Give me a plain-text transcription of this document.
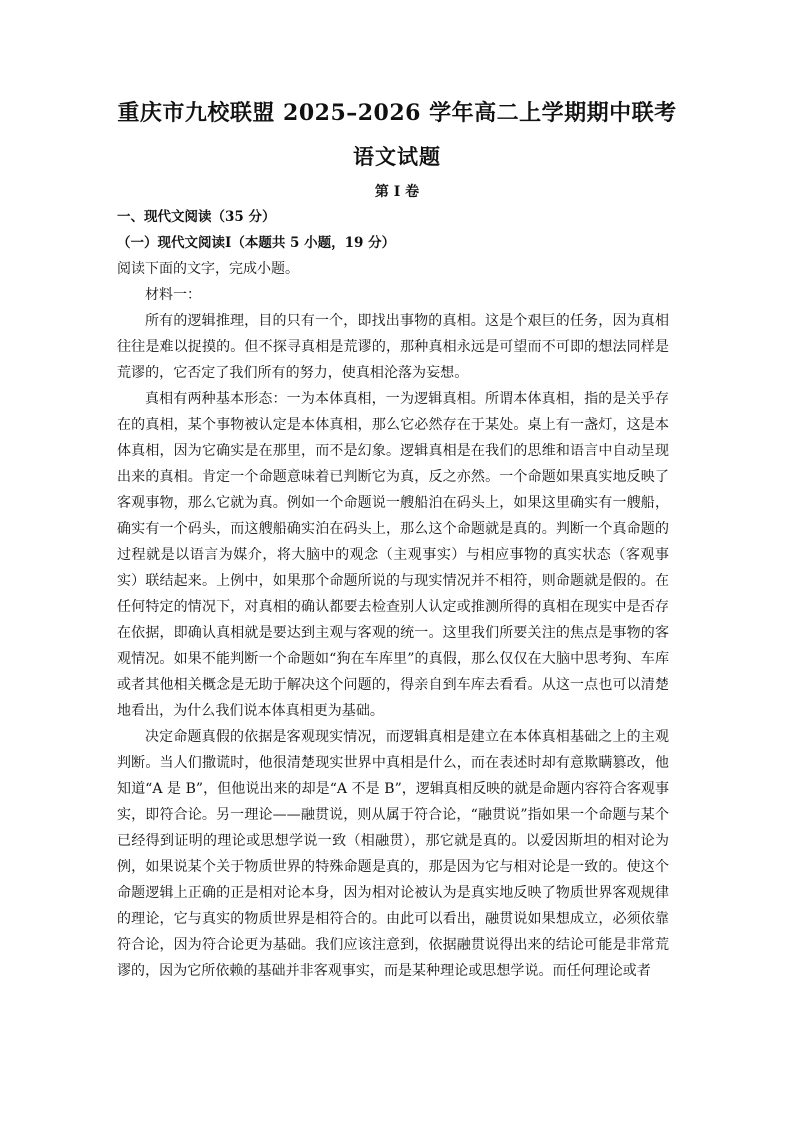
重庆市九校联盟 2025–2026 学年高二上学期期中联考
语文试题
第 I 卷

一、现代文阅读（35 分）

（一）现代文阅读Ⅰ（本题共 5 小题，19 分）

阅读下面的文字，完成小题。

材料一：

所有的逻辑推理，目的只有一个，即找出事物的真相。这是个艰巨的任务，因为真相往往是难以捉摸的。但不探寻真相是荒谬的，那种真相永远是可望而不可即的想法同样是荒谬的，它否定了我们所有的努力，使真相沦落为妄想。

真相有两种基本形态：一为本体真相，一为逻辑真相。所谓本体真相，指的是关乎存在的真相，某个事物被认定是本体真相，那么它必然存在于某处。桌上有一盏灯，这是本体真相，因为它确实是在那里，而不是幻象。逻辑真相是在我们的思维和语言中自动呈现出来的真相。肯定一个命题意味着已判断它为真，反之亦然。一个命题如果真实地反映了客观事物，那么它就为真。例如一个命题说一艘船泊在码头上，如果这里确实有一艘船，确实有一个码头，而这艘船确实泊在码头上，那么这个命题就是真的。判断一个真命题的过程就是以语言为媒介，将大脑中的观念（主观事实）与相应事物的真实状态（客观事实）联结起来。上例中，如果那个命题所说的与现实情况并不相符，则命题就是假的。在任何特定的情况下，对真相的确认都要去检查别人认定或推测所得的真相在现实中是否存在依据，即确认真相就是要达到主观与客观的统一。这里我们所要关注的焦点是事物的客观情况。如果不能判断一个命题如“狗在车库里”的真假，那么仅仅在大脑中思考狗、车库或者其他相关概念是无助于解决这个问题的，得亲自到车库去看看。从这一点也可以清楚地看出，为什么我们说本体真相更为基础。

决定命题真假的依据是客观现实情况，而逻辑真相是建立在本体真相基础之上的主观判断。当人们撒谎时，他很清楚现实世界中真相是什么，而在表述时却有意欺瞒篡改，他知道“A 是 B”，但他说出来的却是“A 不是 B”，逻辑真相反映的就是命题内容符合客观事实，即符合论。另一理论——融贯说，则从属于符合论，“融贯说”指如果一个命题与某个已经得到证明的理论或思想学说一致（相融贯），那它就是真的。以爱因斯坦的相对论为例，如果说某个关于物质世界的特殊命题是真的，那是因为它与相对论是一致的。使这个命题逻辑上正确的正是相对论本身，因为相对论被认为是真实地反映了物质世界客观规律的理论，它与真实的物质世界是相符合的。由此可以看出，融贯说如果想成立，必须依靠符合论，因为符合论更为基础。我们应该注意到，依据融贯说得出来的结论可能是非常荒谬的，因为它所依赖的基础并非客观事实，而是某种理论或思想学说。而任何理论或者
